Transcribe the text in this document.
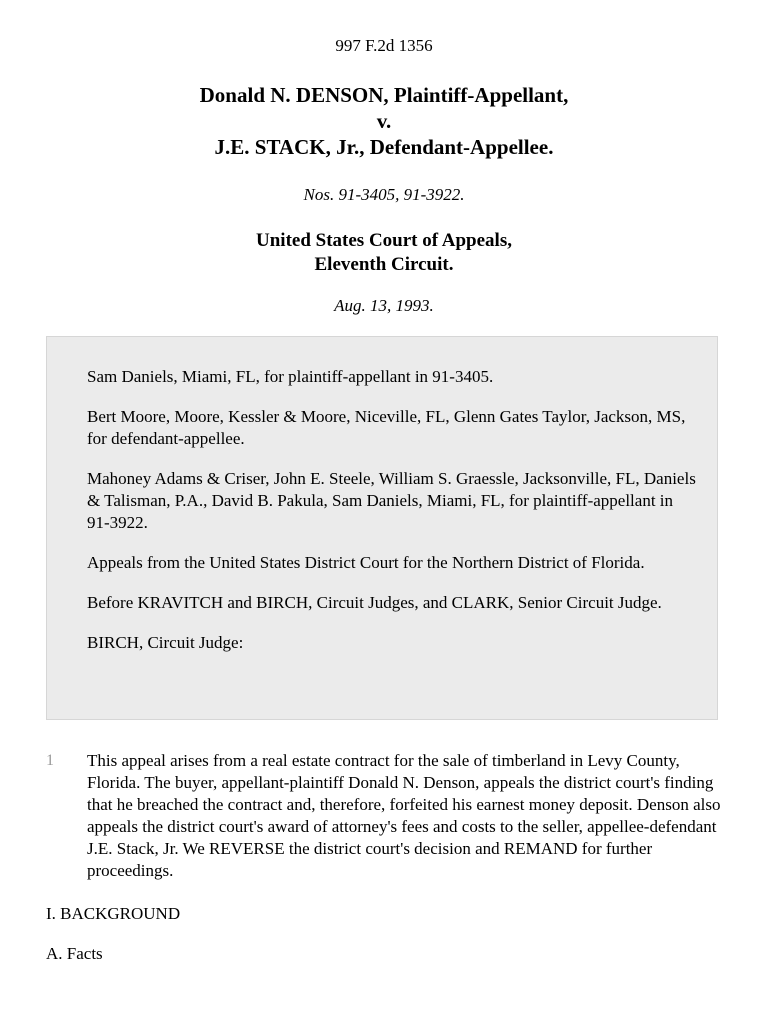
997 F.2d 1356
Donald N. DENSON, Plaintiff-Appellant,
v.
J.E. STACK, Jr., Defendant-Appellee.
Nos. 91-3405, 91-3922.
United States Court of Appeals,
Eleventh Circuit.
Aug. 13, 1993.

Sam Daniels, Miami, FL, for plaintiff-appellant in 91-3405.

Bert Moore, Moore, Kessler & Moore, Niceville, FL, Glenn Gates Taylor, Jackson, MS, for defendant-appellee.

Mahoney Adams & Criser, John E. Steele, William S. Graessle, Jacksonville, FL, Daniels & Talisman, P.A., David B. Pakula, Sam Daniels, Miami, FL, for plaintiff-appellant in 91-3922.

Appeals from the United States District Court for the Northern District of Florida.

Before KRAVITCH and BIRCH, Circuit Judges, and CLARK, Senior Circuit Judge.

BIRCH, Circuit Judge:

1 This appeal arises from a real estate contract for the sale of timberland in Levy County, Florida. The buyer, appellant-plaintiff Donald N. Denson, appeals the district court's finding that he breached the contract and, therefore, forfeited his earnest money deposit. Denson also appeals the district court's award of attorney's fees and costs to the seller, appellee-defendant J.E. Stack, Jr. We REVERSE the district court's decision and REMAND for further proceedings.
I. BACKGROUND
A. Facts
